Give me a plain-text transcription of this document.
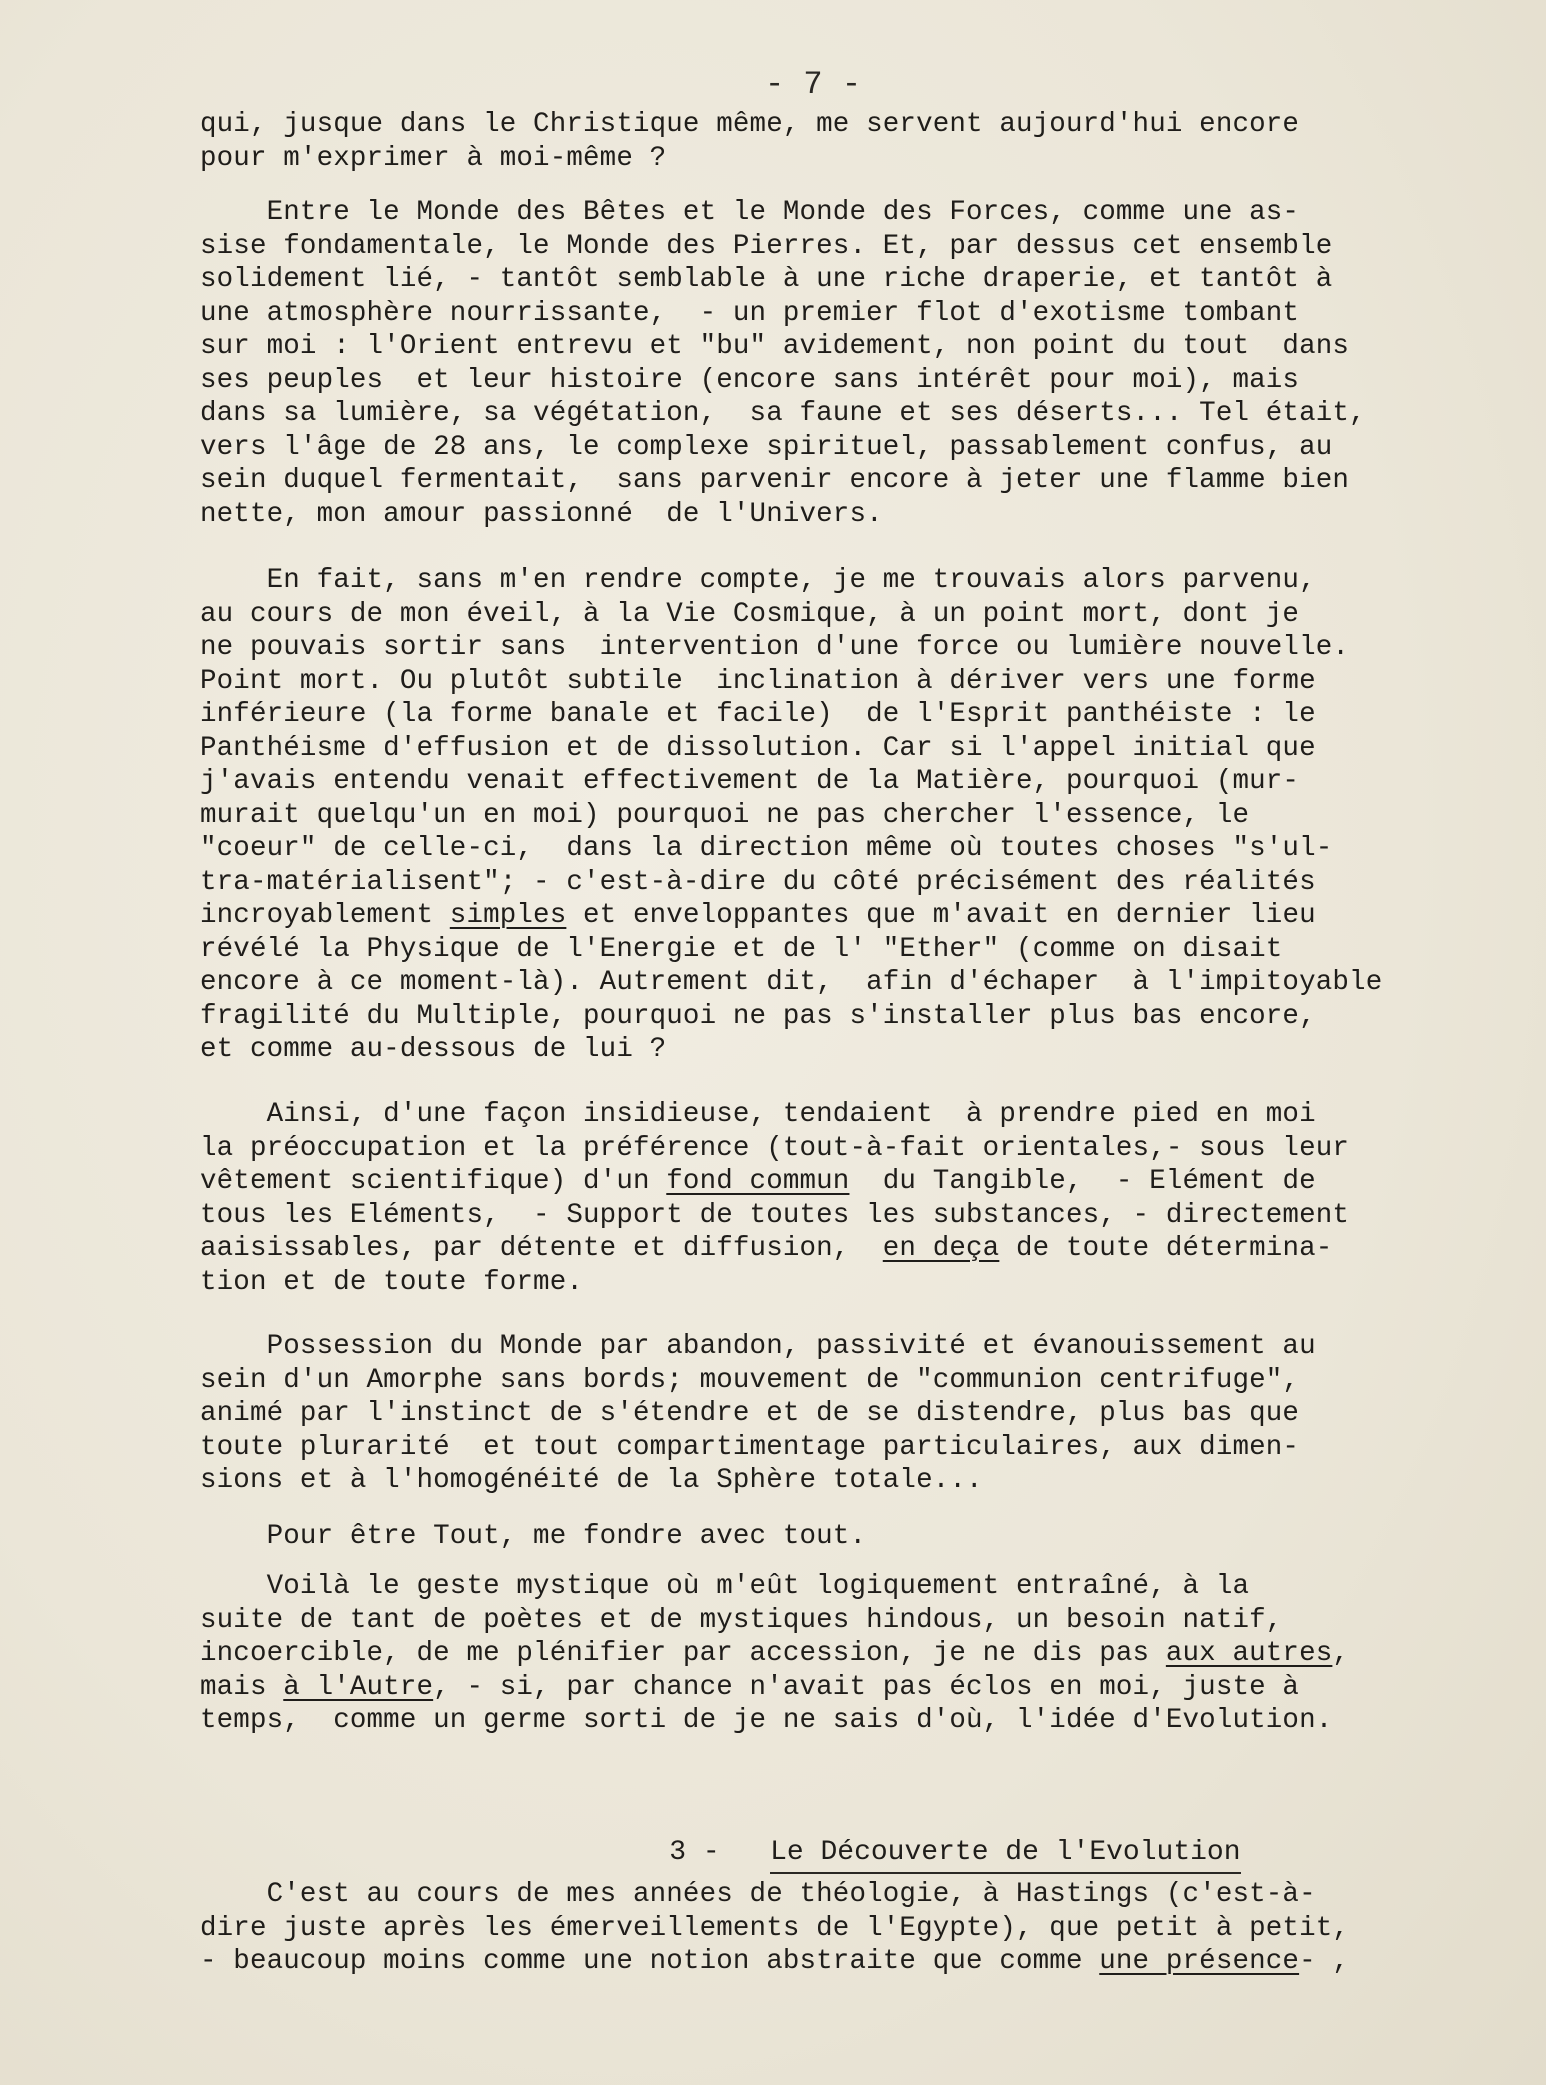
- 7 -
qui, jusque dans le Christique même, me servent aujourd'hui encore
pour m'exprimer à moi-même ?
Entre le Monde des Bêtes et le Monde des Forces, comme une as-
sise fondamentale, le Monde des Pierres. Et, par dessus cet ensemble
solidement lié, - tantôt semblable à une riche draperie, et tantôt à
une atmosphère nourrissante,  - un premier flot d'exotisme tombant
sur moi : l'Orient entrevu et "bu" avidement, non point du tout  dans
ses peuples  et leur histoire (encore sans intérêt pour moi), mais
dans sa lumière, sa végétation,  sa faune et ses déserts... Tel était,
vers l'âge de 28 ans, le complexe spirituel, passablement confus, au
sein duquel fermentait,  sans parvenir encore à jeter une flamme bien
nette, mon amour passionné  de l'Univers.
En fait, sans m'en rendre compte, je me trouvais alors parvenu,
au cours de mon éveil, à la Vie Cosmique, à un point mort, dont je
ne pouvais sortir sans  intervention d'une force ou lumière nouvelle.
Point mort. Ou plutôt subtile  inclination à dériver vers une forme
inférieure (la forme banale et facile)  de l'Esprit panthéiste : le
Panthéisme d'effusion et de dissolution. Car si l'appel initial que
j'avais entendu venait effectivement de la Matière, pourquoi (mur-
murait quelqu'un en moi) pourquoi ne pas chercher l'essence, le
"coeur" de celle-ci,  dans la direction même où toutes choses "s'ul-
tra-matérialisent"; - c'est-à-dire du côté précisément des réalités
incroyablement simples et enveloppantes que m'avait en dernier lieu
révélé la Physique de l'Energie et de l' "Ether" (comme on disait
encore à ce moment-là). Autrement dit,  afin d'échaper  à l'impitoyable
fragilité du Multiple, pourquoi ne pas s'installer plus bas encore,
et comme au-dessous de lui ?
Ainsi, d'une façon insidieuse, tendaient  à prendre pied en moi
la préoccupation et la préférence (tout-à-fait orientales,- sous leur
vêtement scientifique) d'un fond commun  du Tangible,  - Elément de
tous les Eléments,  - Support de toutes les substances, - directement
aaisissables, par détente et diffusion,  en deça de toute détermina-
tion et de toute forme.
Possession du Monde par abandon, passivité et évanouissement au
sein d'un Amorphe sans bords; mouvement de "communion centrifuge",
animé par l'instinct de s'étendre et de se distendre, plus bas que
toute plurarité  et tout compartimentage particulaires, aux dimen-
sions et à l'homogénéité de la Sphère totale...
Pour être Tout, me fondre avec tout.
Voilà le geste mystique où m'eût logiquement entraîné, à la
suite de tant de poètes et de mystiques hindous, un besoin natif,
incoercible, de me plénifier par accession, je ne dis pas aux autres,
mais à l'Autre, - si, par chance n'avait pas éclos en moi, juste à
temps,  comme un germe sorti de je ne sais d'où, l'idée d'Evolution.

3 - Le Découverte de l'Evolution

C'est au cours de mes années de théologie, à Hastings (c'est-à-
dire juste après les émerveillements de l'Egypte), que petit à petit,
- beaucoup moins comme une notion abstraite que comme une présence- ,
